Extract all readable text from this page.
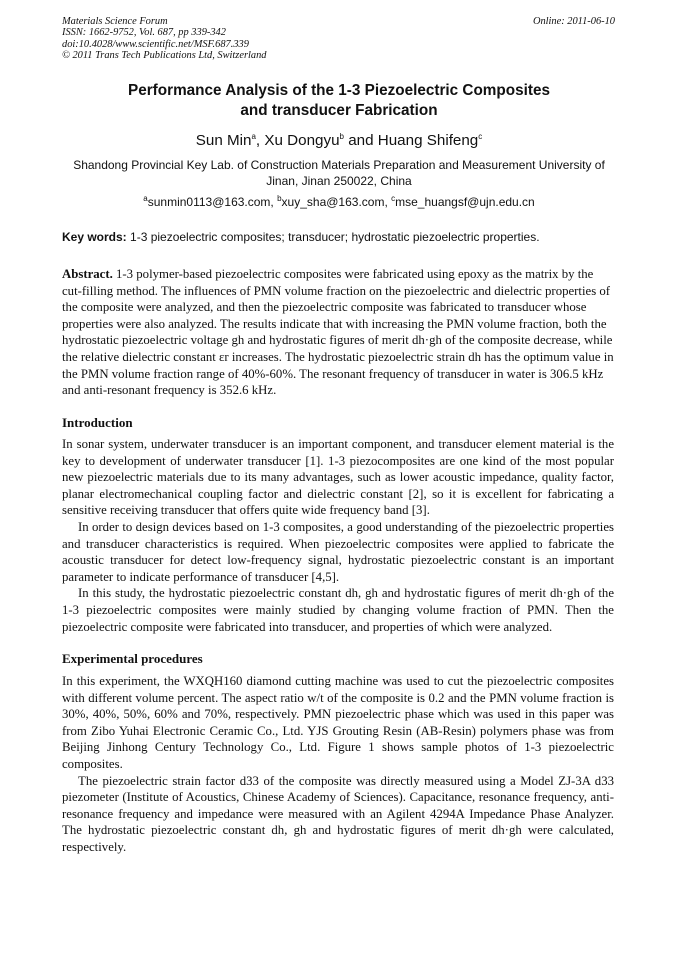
Materials Science Forum
ISSN: 1662-9752, Vol. 687, pp 339-342
doi:10.4028/www.scientific.net/MSF.687.339
© 2011 Trans Tech Publications Ltd, Switzerland
Online: 2011-06-10
Performance Analysis of the 1-3 Piezoelectric Composites
and transducer Fabrication
Sun Min$^a$, Xu Dongyu$^b$ and Huang Shifeng$^c$
Shandong Provincial Key Lab. of Construction Materials Preparation and Measurement University of Jinan, Jinan 250022, China
$^a$sunmin0113@163.com, $^b$xuy_sha@163.com, $^c$mse_huangsf@ujn.edu.cn
Key words: 1-3 piezoelectric composites; transducer; hydrostatic piezoelectric properties.

Abstract. 1-3 polymer-based piezoelectric composites were fabricated using epoxy as the matrix by the cut-filling method. The influences of PMN volume fraction on the piezoelectric and dielectric properties of the composite were analyzed, and then the piezoelectric composite was fabricated to transducer whose properties were also analyzed. The results indicate that with increasing the PMN volume fraction, both the hydrostatic piezoelectric voltage gh and hydrostatic figures of merit dh·gh of the composite decrease, while the relative dielectric constant εr increases. The hydrostatic piezoelectric strain dh has the optimum value in the PMN volume fraction range of 40%-60%. The resonant frequency of transducer in water is 306.5 kHz and anti-resonant frequency is 352.6 kHz.

Introduction

In sonar system, underwater transducer is an important component, and transducer element material is the key to development of underwater transducer [1]. 1-3 piezocomposites are one kind of the most popular new piezoelectric materials due to its many advantages, such as lower acoustic impedance, quality factor, planar electromechanical coupling factor and dielectric constant [2], so it is excellent for fabricating a sensitive receiving transducer that offers quite wide frequency band [3].

In order to design devices based on 1-3 composites, a good understanding of the piezoelectric properties and transducer characteristics is required. When piezoelectric composites were applied to fabricate the acoustic transducer for detect low-frequency signal, hydrostatic piezoelectric constant is an important parameter to indicate performance of transducer [4,5].

In this study, the hydrostatic piezoelectric constant dh, gh and hydrostatic figures of merit dh·gh of the 1-3 piezoelectric composites were mainly studied by changing volume fraction of PMN. Then the piezoelectric composite were fabricated into transducer, and properties of which were analyzed.

Experimental procedures

In this experiment, the WXQH160 diamond cutting machine was used to cut the piezoelectric composites with different volume percent. The aspect ratio w/t of the composite is 0.2 and the PMN volume fraction is 30%, 40%, 50%, 60% and 70%, respectively. PMN piezoelectric phase which was used in this paper was from Zibo Yuhai Electronic Ceramic Co., Ltd. YJS Grouting Resin (AB-Resin) polymers phase was from Beijing Jinhong Century Technology Co., Ltd. Figure 1 shows sample photos of 1-3 piezoelectric composites.

The piezoelectric strain factor d33 of the composite was directly measured using a Model ZJ-3A d33 piezometer (Institute of Acoustics, Chinese Academy of Sciences). Capacitance, resonance frequency, anti-resonance frequency and impedance were measured with an Agilent 4294A Impedance Phase Analyzer. The hydrostatic piezoelectric constant dh, gh and hydrostatic figures of merit dh·gh were calculated, respectively.
